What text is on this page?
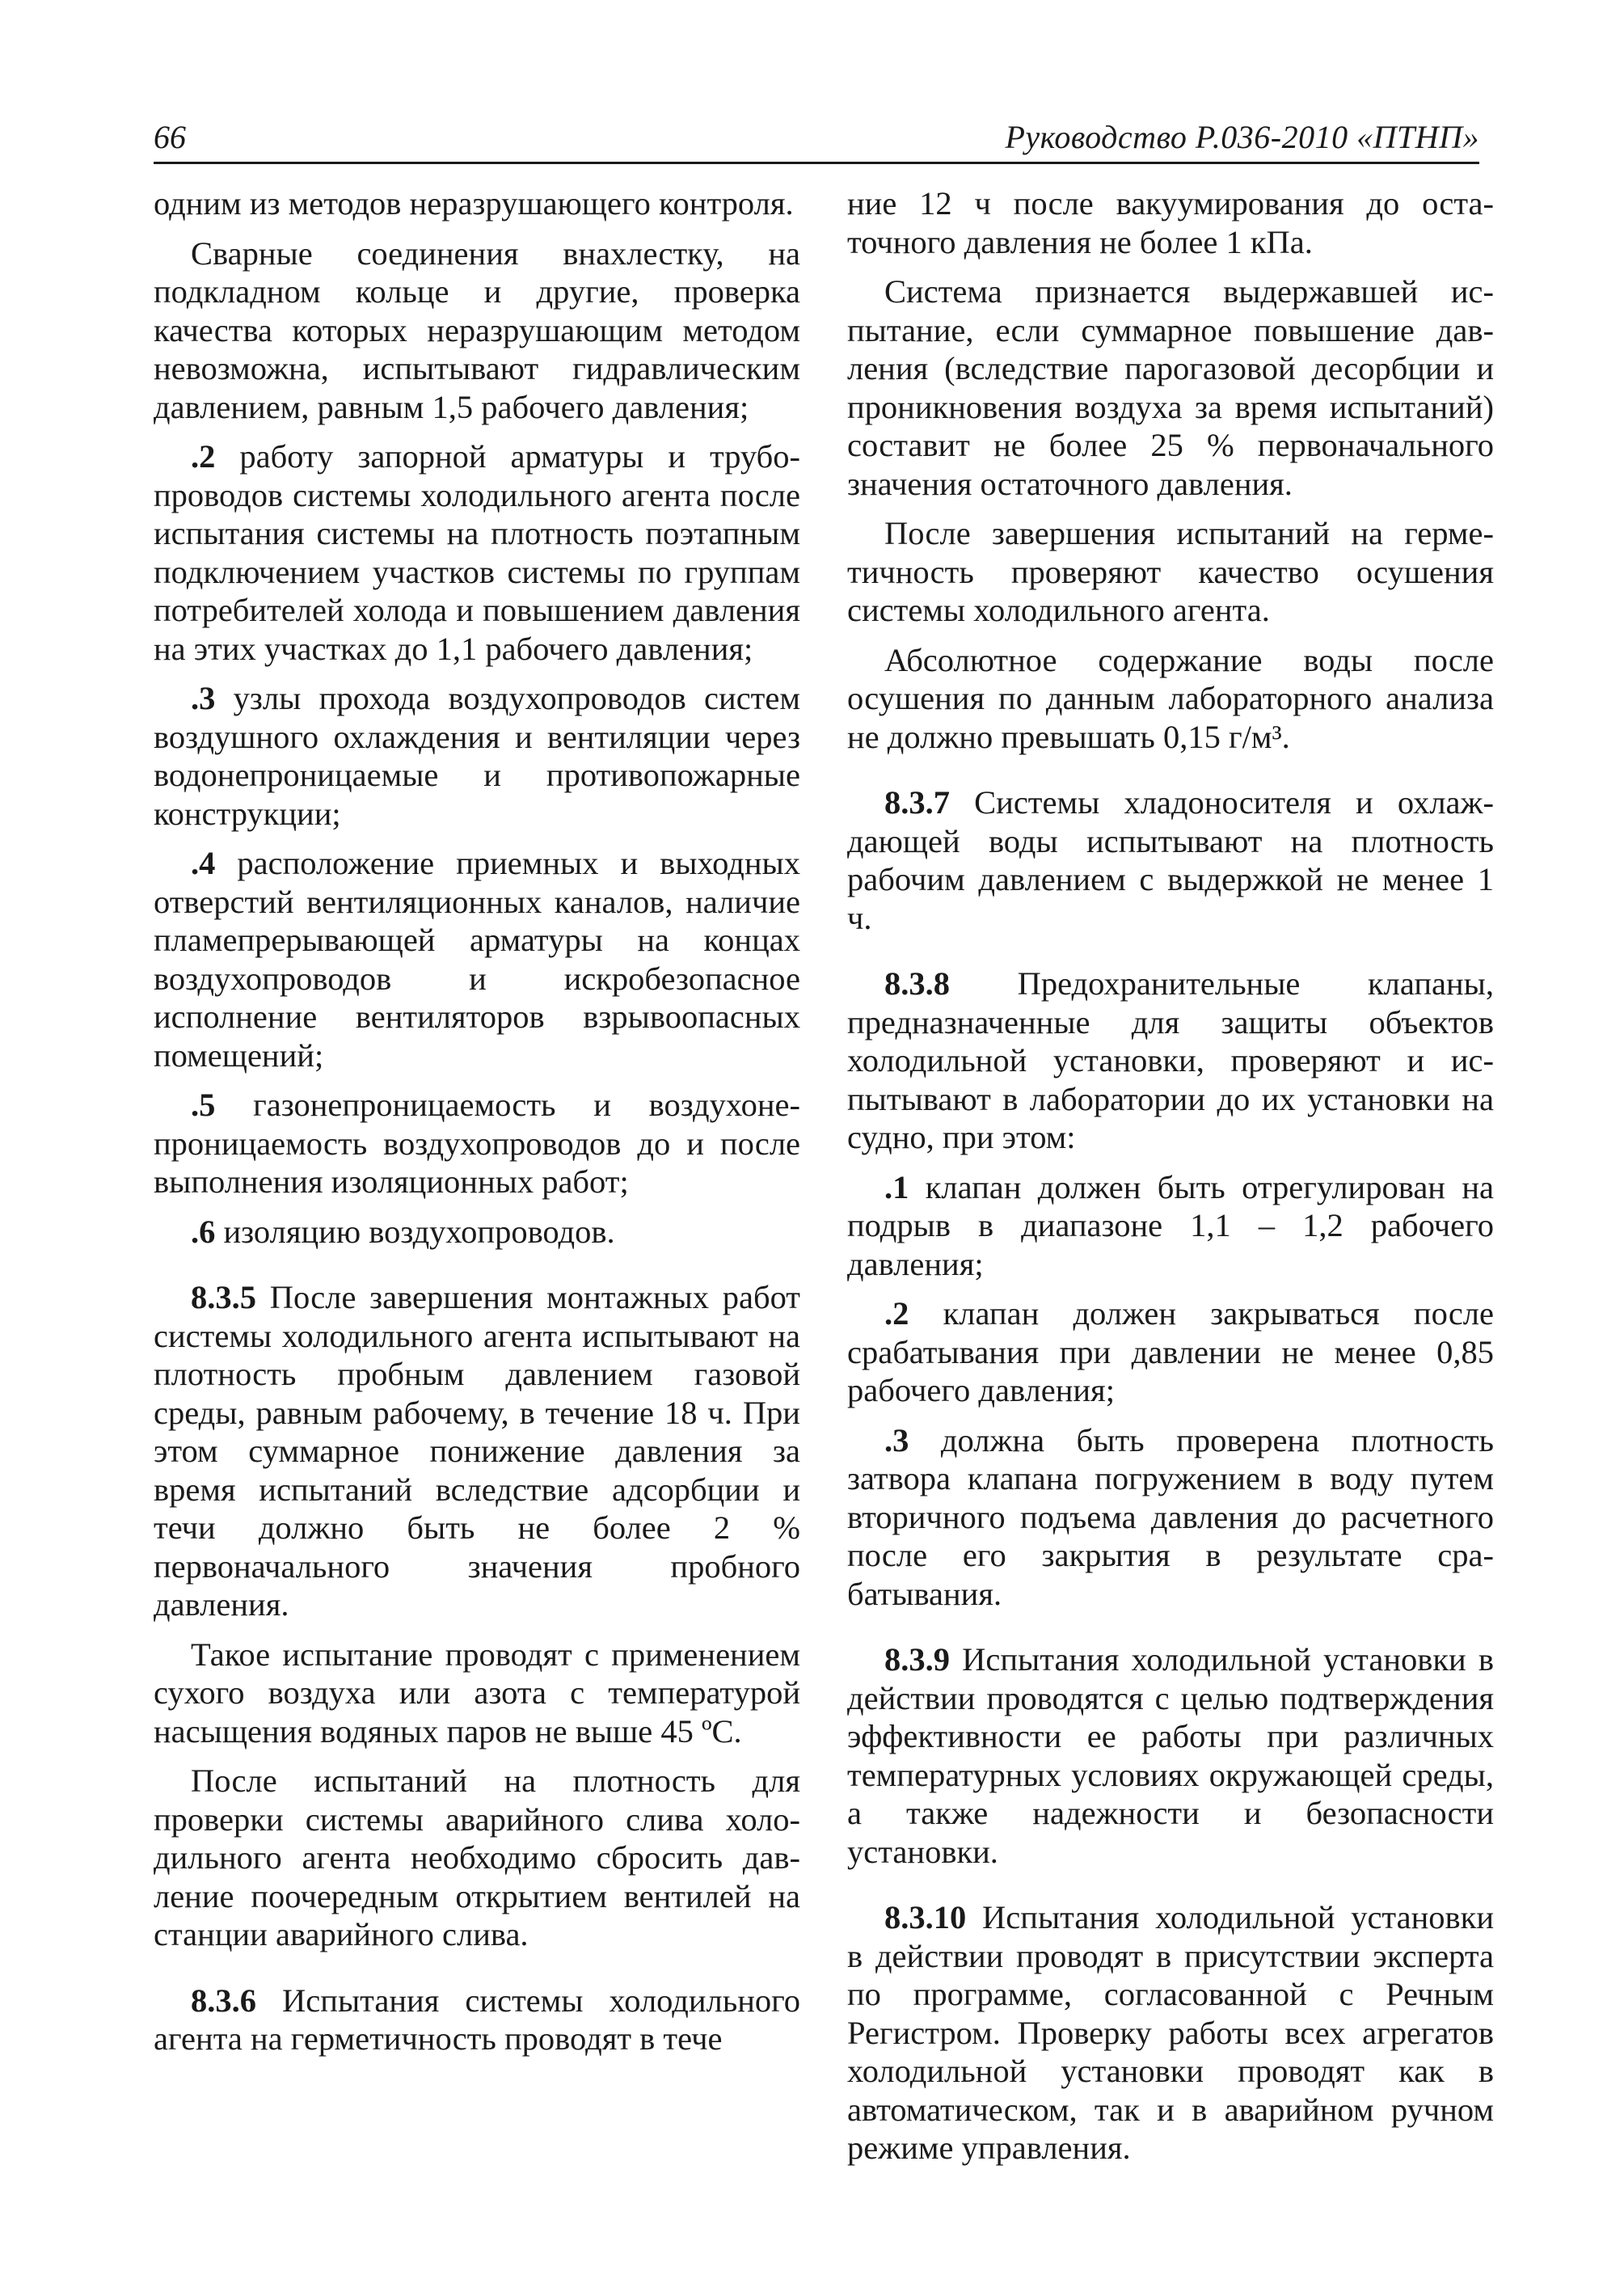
66	Руководство Р.036-2010 «ПТНП»

одним из методов неразрушающего контроля.

Сварные соединения внахлестку, на подкладном кольце и другие, проверка качества которых неразрушающим методом невозможна, испытывают гидравлическим давлением, равным 1,5 рабочего давления;

.2 работу запорной арматуры и трубопроводов системы холодильного агента после испытания системы на плотность поэтапным подключением участков системы по группам потребителей холода и повышением давления на этих участках до 1,1 рабочего давления;

.3 узлы прохода воздухопроводов систем воздушного охлаждения и вентиляции через водонепроницаемые и противопожарные конструкции;

.4 расположение приемных и выходных отверстий вентиляционных каналов, наличие пламепрерывающей арматуры на концах воздухопроводов и искробезопасное исполнение вентиляторов взрывоопасных помещений;

.5 газонепроницаемость и воздухонепроницаемость воздухопроводов до и после выполнения изоляционных работ;

.6 изоляцию воздухопроводов.

8.3.5 После завершения монтажных работ системы холодильного агента испытывают на плотность пробным давлением газовой среды, равным рабочему, в течение 18 ч. При этом суммарное понижение давления за время испытаний вследствие адсорбции и течи должно быть не более 2 % первоначального значения пробного давления.

Такое испытание проводят с применением сухого воздуха или азота с температурой насыщения водяных паров не выше 45 ºС.

После испытаний на плотность для проверки системы аварийного слива холодильного агента необходимо сбросить давление поочередным открытием вентилей на станции аварийного слива.

8.3.6 Испытания системы холодильного агента на герметичность проводят в тече

ние 12 ч после вакуумирования до остаточного давления не более 1 кПа.

Система признается выдержавшей испытание, если суммарное повышение давления (вследствие парогазовой десорбции и проникновения воздуха за время испытаний) составит не более 25 % первоначального значения остаточного давления.

После завершения испытаний на герметичность проверяют качество осушения системы холодильного агента.

Абсолютное содержание воды после осушения по данным лабораторного анализа не должно превышать 0,15 г/м³.

8.3.7 Системы хладоносителя и охлаждающей воды испытывают на плотность рабочим давлением с выдержкой не менее 1 ч.

8.3.8 Предохранительные клапаны, предназначенные для защиты объектов холодильной установки, проверяют и испытывают в лаборатории до их установки на судно, при этом:

.1 клапан должен быть отрегулирован на подрыв в диапазоне 1,1 – 1,2 рабочего давления;

.2 клапан должен закрываться после срабатывания при давлении не менее 0,85 рабочего давления;

.3 должна быть проверена плотность затвора клапана погружением в воду путем вторичного подъема давления до расчетного после его закрытия в результате срабатывания.

8.3.9 Испытания холодильной установки в действии проводятся с целью подтверждения эффективности ее работы при различных температурных условиях окружающей среды, а также надежности и безопасности установки.

8.3.10 Испытания холодильной установки в действии проводят в присутствии эксперта по программе, согласованной с Речным Регистром. Проверку работы всех агрегатов холодильной установки проводят как в автоматическом, так и в аварийном ручном режиме управления.
